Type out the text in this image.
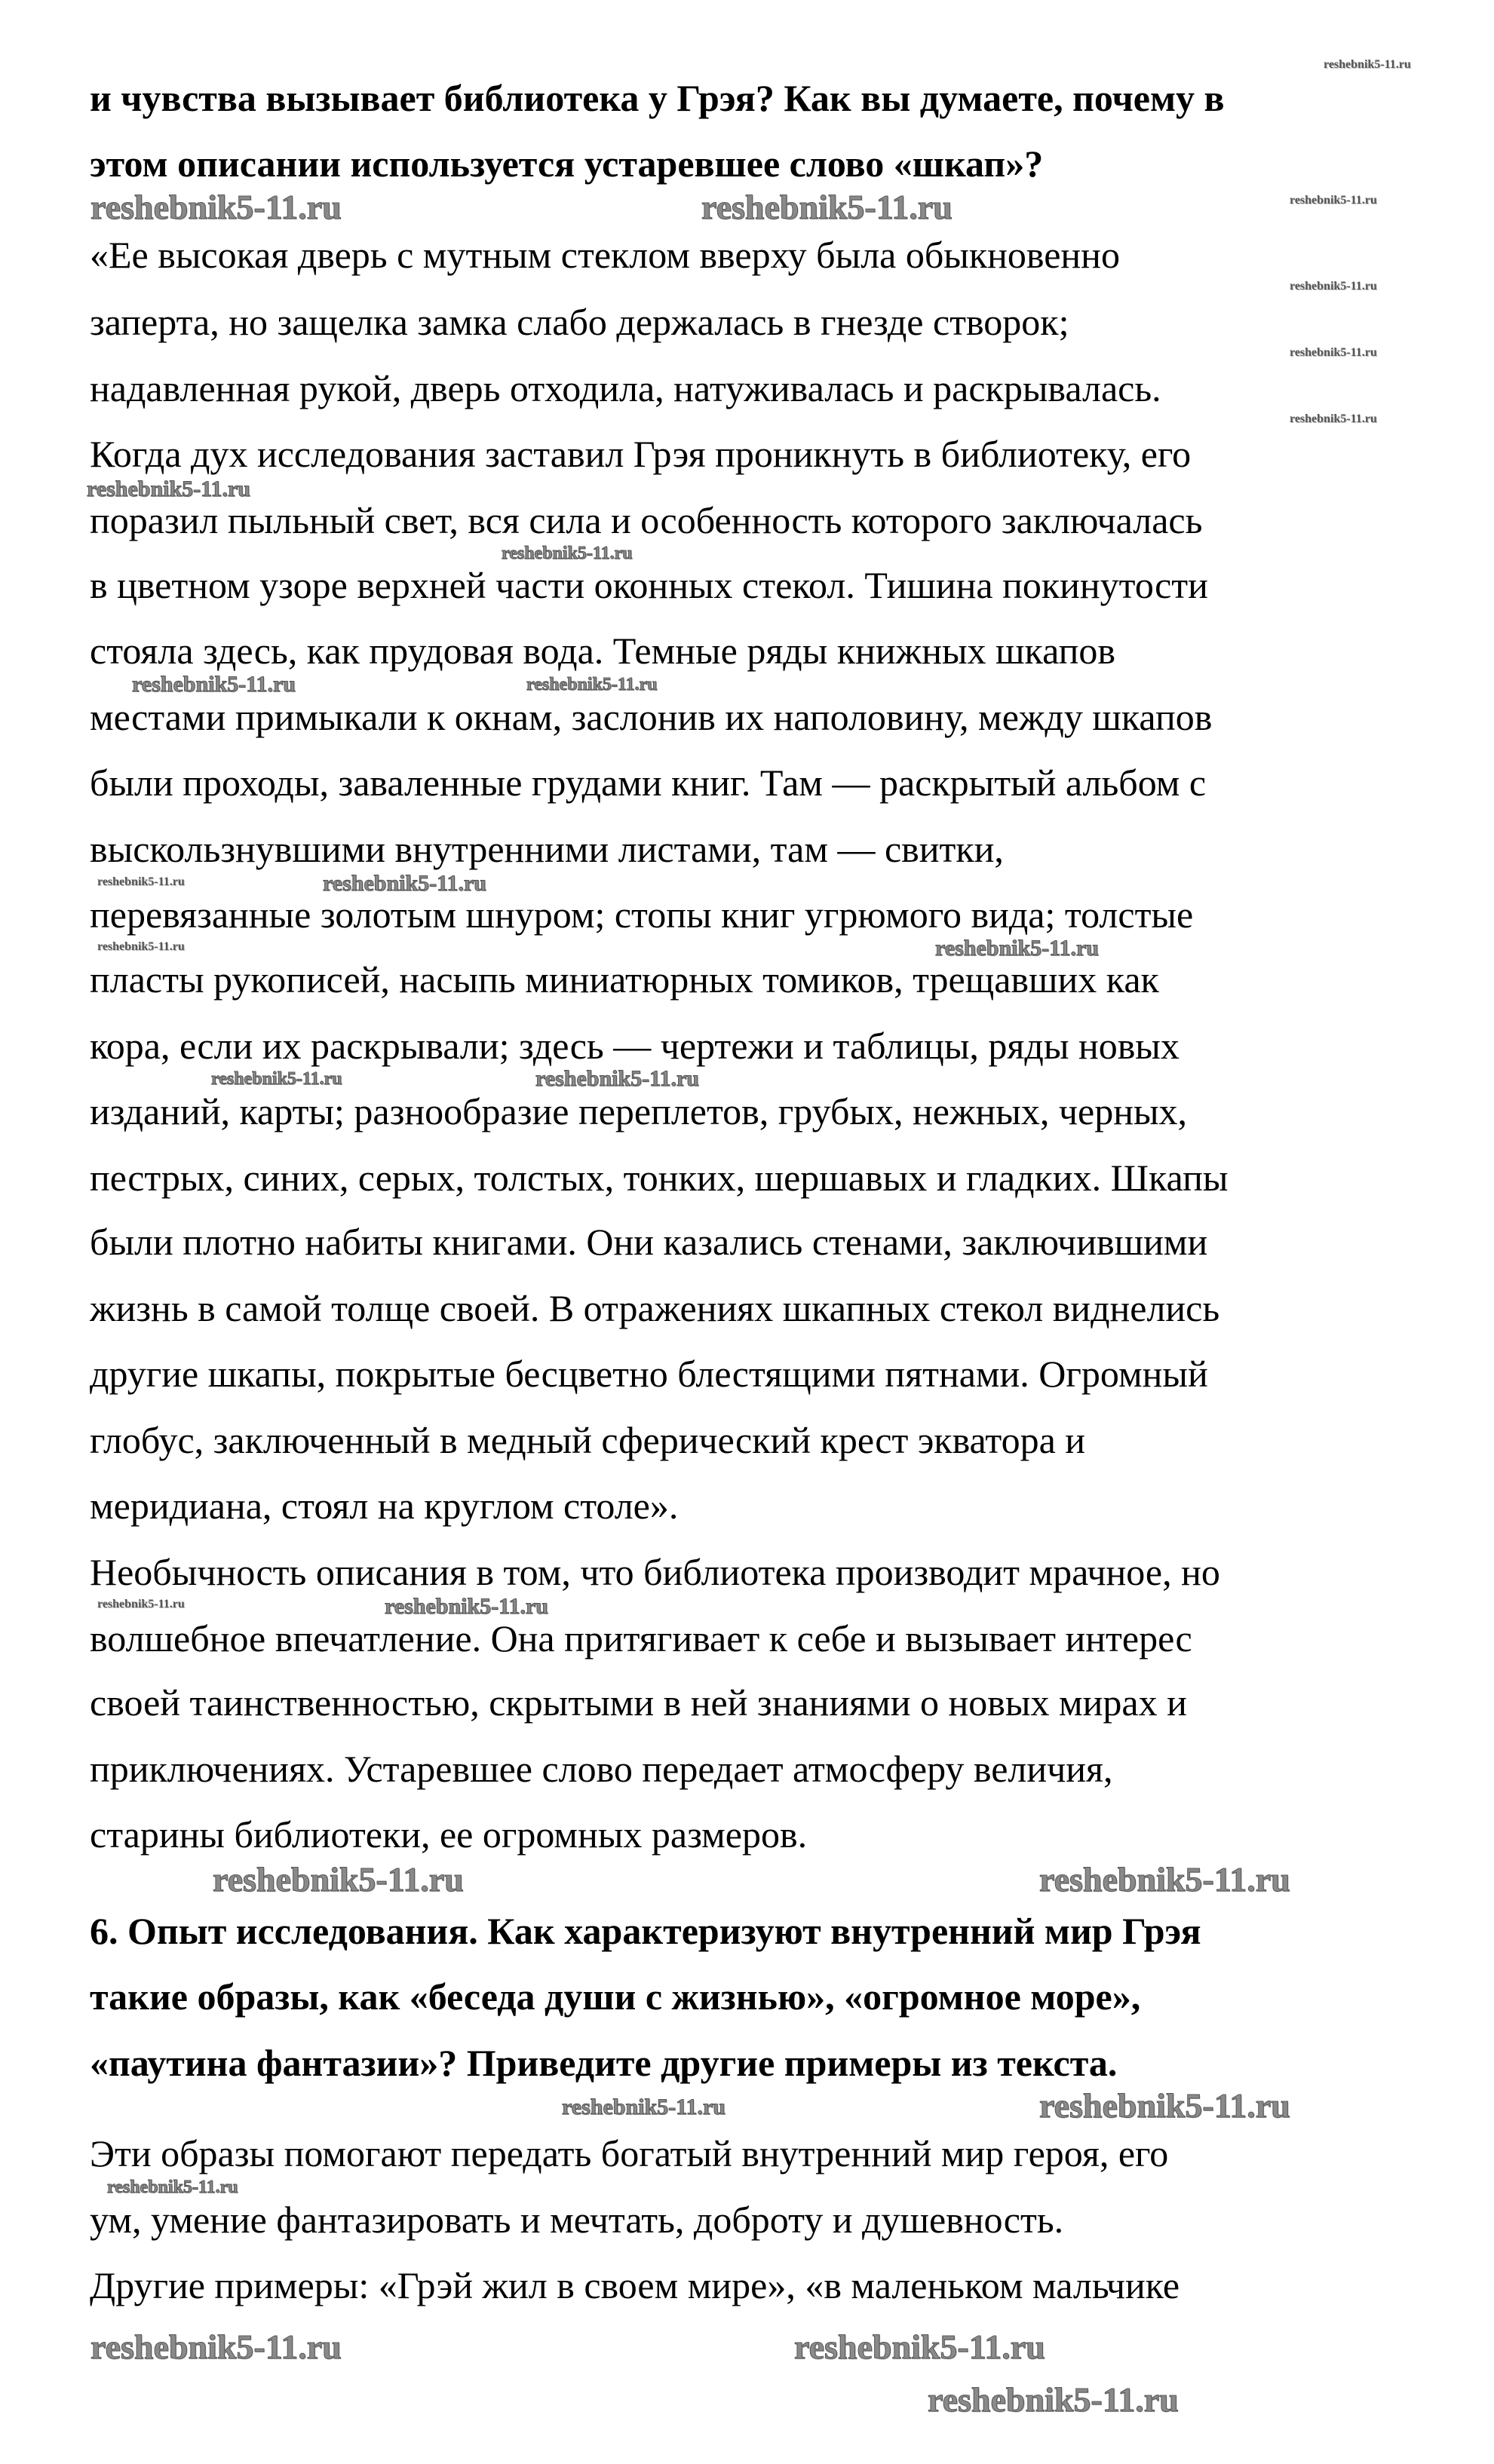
и чувства вызывает библиотека у Грэя? Как вы думаете, почему в
этом описании используется устаревшее слово «шкап»?
«Ее высокая дверь с мутным стеклом вверху была обыкновенно
заперта, но защелка замка слабо держалась в гнезде створок;
надавленная рукой, дверь отходила, натуживалась и раскрывалась.
Когда дух исследования заставил Грэя проникнуть в библиотеку, его
поразил пыльный свет, вся сила и особенность которого заключалась
в цветном узоре верхней части оконных стекол. Тишина покинутости
стояла здесь, как прудовая вода. Темные ряды книжных шкапов
местами примыкали к окнам, заслонив их наполовину, между шкапов
были проходы, заваленные грудами книг. Там — раскрытый альбом с
выскользнувшими внутренними листами, там — свитки,
перевязанные золотым шнуром; стопы книг угрюмого вида; толстые
пласты рукописей, насыпь миниатюрных томиков, трещавших как
кора, если их раскрывали; здесь — чертежи и таблицы, ряды новых
изданий, карты; разнообразие переплетов, грубых, нежных, черных,
пестрых, синих, серых, толстых, тонких, шершавых и гладких. Шкапы
были плотно набиты книгами. Они казались стенами, заключившими
жизнь в самой толще своей. В отражениях шкапных стекол виднелись
другие шкапы, покрытые бесцветно блестящими пятнами. Огромный
глобус, заключенный в медный сферический крест экватора и
меридиана, стоял на круглом столе».
Необычность описания в том, что библиотека производит мрачное, но
волшебное впечатление. Она притягивает к себе и вызывает интерес
своей таинственностью, скрытыми в ней знаниями о новых мирах и
приключениях. Устаревшее слово передает атмосферу величия,
старины библиотеки, ее огромных размеров.
6. Опыт исследования. Как характеризуют внутренний мир Грэя
такие образы, как «беседа души с жизнью», «огромное море»,
«паутина фантазии»? Приведите другие примеры из текста.
Эти образы помогают передать богатый внутренний мир героя, его
ум, умение фантазировать и мечтать, доброту и душевность.
Другие примеры: «Грэй жил в своем мире», «в маленьком мальчике
reshebnik5-11.ru
reshebnik5-11.ru
reshebnik5-11.ru	reshebnik5-11.ru
reshebnik5-11.ru
reshebnik5-11.ru
reshebnik5-11.ru
reshebnik5-11.ru
reshebnik5-11.ru
reshebnik5-11.ru	reshebnik5-11.ru
reshebnik5-11.ru
reshebnik5-11.ru	reshebnik5-11.ru
reshebnik5-11.ru	reshebnik5-11.ru
reshebnik5-11.ru	reshebnik5-11.ru
reshebnik5-11.ru	reshebnik5-11.ru
reshebnik5-11.ru	reshebnik5-11.ru
reshebnik5-11.ru
reshebnik5-11.ru
reshebnik5-11.ru
reshebnik5-11.ru
reshebnik5-11.ru
